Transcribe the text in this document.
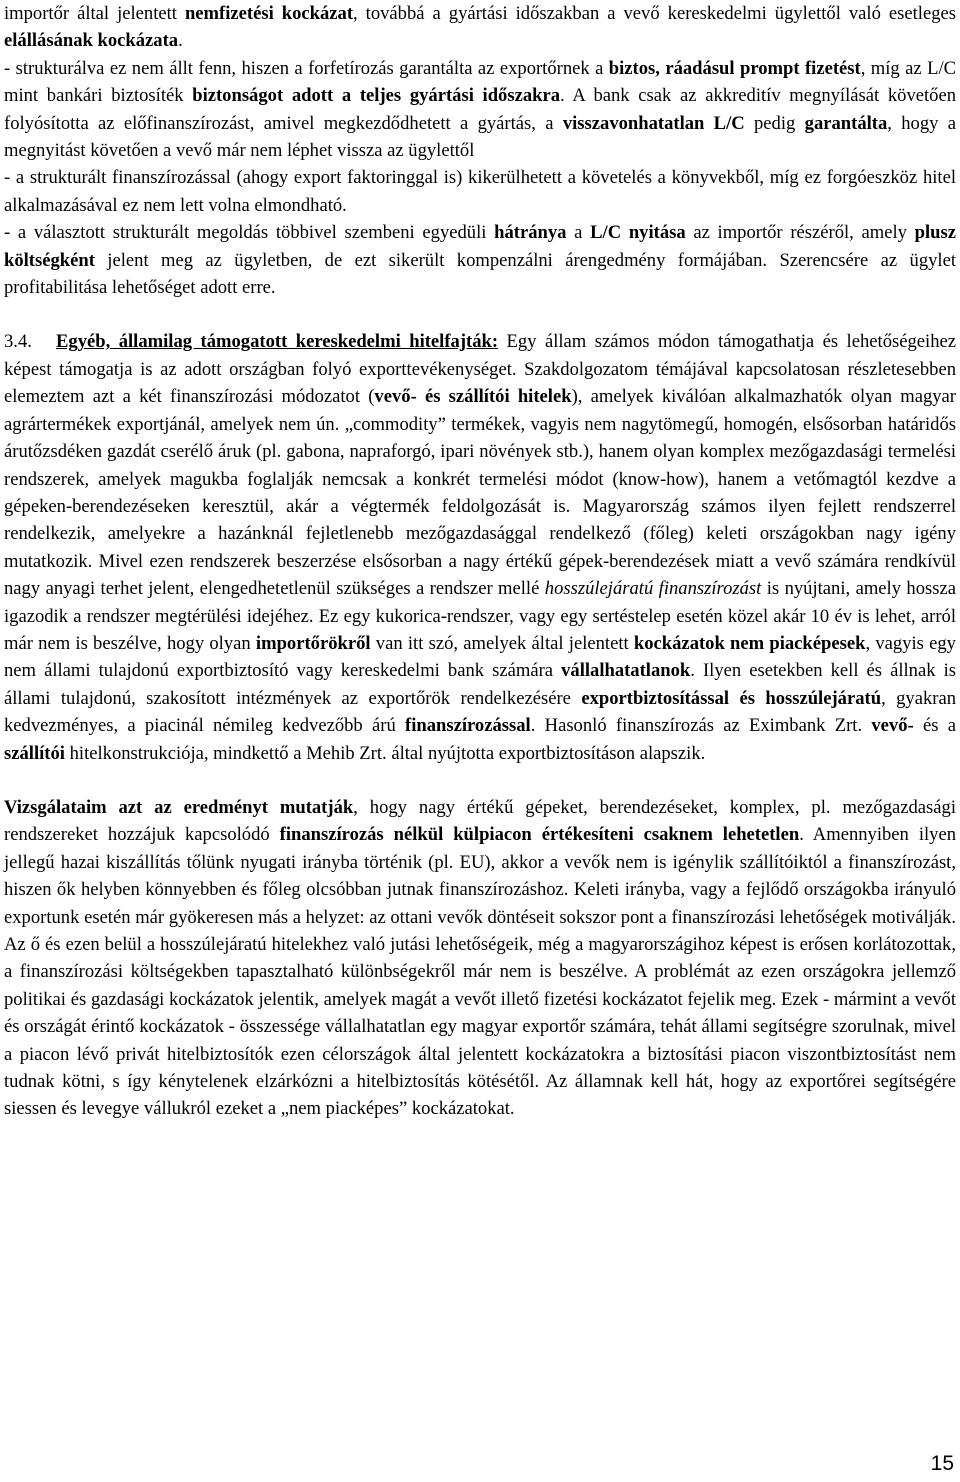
importőr által jelentett nemfizetési kockázat, továbbá a gyártási időszakban a vevő kereskedelmi ügylettől való esetleges elállásának kockázata.

- strukturálva ez nem állt fenn, hiszen a forfetírozás garantálta az exportőrnek a biztos, ráadásul prompt fizetést, míg az L/C mint bankári biztosíték biztonságot adott a teljes gyártási időszakra. A bank csak az akkreditív megnyílását követően folyósította az előfinanszírozást, amivel megkezdődhetett a gyártás, a visszavonhatatlan L/C pedig garantálta, hogy a megnyitást követően a vevő már nem léphet vissza az ügylettől

- a strukturált finanszírozással (ahogy export faktoringgal is) kikerülhetett a követelés a könyvekből, míg ez forgóeszköz hitel alkalmazásával ez nem lett volna elmondható.

- a választott strukturált megoldás többivel szembeni egyedüli hátránya a L/C nyitása az importőr részéről, amely plusz költségként jelent meg az ügyletben, de ezt sikerült kompenzálni árengedmény formájában. Szerencsére az ügylet profitabilitása lehetőséget adott erre.

3.4. Egyéb, államilag támogatott kereskedelmi hitelfajták: Egy állam számos módon támogathatja és lehetőségeihez képest támogatja is az adott országban folyó exporttevékenységet. Szakdolgozatom témájával kapcsolatosan részletesebben elemeztem azt a két finanszírozási módozatot (vevő- és szállítói hitelek), amelyek kiválóan alkalmazhatók olyan magyar agrártermékek exportjánál, amelyek nem ún. „commodity” termékek, vagyis nem nagytömegű, homogén, elsősorban határidős árutőzsdéken gazdát cserélő áruk (pl. gabona, napraforgó, ipari növények stb.), hanem olyan komplex mezőgazdasági termelési rendszerek, amelyek magukba foglalják nemcsak a konkrét termelési módot (know-how), hanem a vetőmagtól kezdve a gépeken-berendezéseken keresztül, akár a végtermék feldolgozását is. Magyarország számos ilyen fejlett rendszerrel rendelkezik, amelyekre a hazánknál fejletlenebb mezőgazdasággal rendelkező (főleg) keleti országokban nagy igény mutatkozik. Mivel ezen rendszerek beszerzése elsősorban a nagy értékű gépek-berendezések miatt a vevő számára rendkívül nagy anyagi terhet jelent, elengedhetetlenül szükséges a rendszer mellé hosszúlejáratú finanszírozást is nyújtani, amely hossza igazodik a rendszer megtérülési idejéhez. Ez egy kukorica-rendszer, vagy egy sertéstelep esetén közel akár 10 év is lehet, arról már nem is beszélve, hogy olyan importőrökről van itt szó, amelyek által jelentett kockázatok nem piacképesek, vagyis egy nem állami tulajdonú exportbiztosító vagy kereskedelmi bank számára vállalhatatlanok. Ilyen esetekben kell és állnak is állami tulajdonú, szakosított intézmények az exportőrök rendelkezésére exportbiztosítással és hosszúlejáratú, gyakran kedvezményes, a piacinál némileg kedvezőbb árú finanszírozással. Hasonló finanszírozás az Eximbank Zrt. vevő- és a szállítói hitelkonstrukciója, mindkettő a Mehib Zrt. által nyújtotta exportbiztosításon alapszik.

Vizsgálataim azt az eredményt mutatják, hogy nagy értékű gépeket, berendezéseket, komplex, pl. mezőgazdasági rendszereket hozzájuk kapcsolódó finanszírozás nélkül külpiacon értékesíteni csaknem lehetetlen. Amennyiben ilyen jellegű hazai kiszállítás tőlünk nyugati irányba történik (pl. EU), akkor a vevők nem is igénylik szállítóiktól a finanszírozást, hiszen ők helyben könnyebben és főleg olcsóbban jutnak finanszírozáshoz. Keleti irányba, vagy a fejlődő országokba irányuló exportunk esetén már gyökeresen más a helyzet: az ottani vevők döntéseit sokszor pont a finanszírozási lehetőségek motiválják. Az ő és ezen belül a hosszúlejáratú hitelekhez való jutási lehetőségeik, még a magyarországihoz képest is erősen korlátozottak, a finanszírozási költségekben tapasztalható különbségekről már nem is beszélve. A problémát az ezen országokra jellemző politikai és gazdasági kockázatok jelentik, amelyek magát a vevőt illető fizetési kockázatot fejelik meg. Ezek - mármint a vevőt és országát érintő kockázatok - összessége vállalhatatlan egy magyar exportőr számára, tehát állami segítségre szorulnak, mivel a piacon lévő privát hitelbiztosítók ezen célországok által jelentett kockázatokra a biztosítási piacon viszontbiztosítást nem tudnak kötni, s így kénytelenek elzárkózni a hitelbiztosítás kötésétől. Az államnak kell hát, hogy az exportőrei segítségére siessen és levegye vállukról ezeket a „nem piacképes” kockázatokat.

15
